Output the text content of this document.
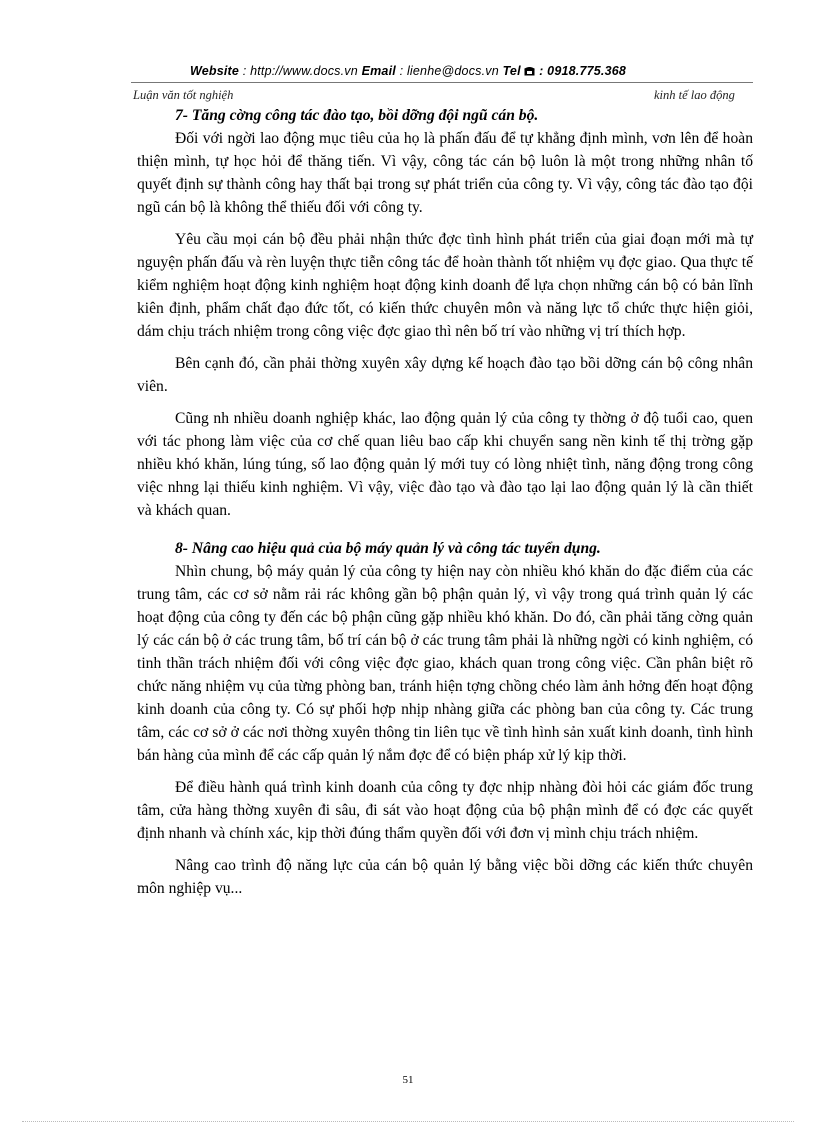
Website : http://www.docs.vn Email : lienhe@docs.vn Tel  : 0918.775.368
Luận văn tốt nghiệh	kinh tế lao động
7- Tăng cờng công tác đào tạo, bồi dỡng đội ngũ cán bộ.

Đối với ngời lao động mục tiêu của họ là phấn đấu để tự khẳng định mình, vơn lên để hoàn thiện mình, tự học hỏi để thăng tiến. Vì vậy, công tác cán bộ luôn là một trong những nhân tố quyết định sự thành công hay thất bại trong sự phát triển của công ty. Vì vậy, công tác đào tạo đội ngũ cán bộ là không thể thiếu đối với công ty.

Yêu cầu mọi cán bộ đều phải nhận thức đợc tình hình phát triển của giai đoạn mới mà tự nguyện phấn đấu và rèn luyện thực tiễn công tác để hoàn thành tốt nhiệm vụ đợc giao. Qua thực tế kiểm nghiệm hoạt động kinh nghiệm hoạt động kinh doanh để lựa chọn những cán bộ có bản lĩnh kiên định, phẩm chất đạo đức tốt, có kiến thức chuyên môn và năng lực tổ chức thực hiện giỏi, dám chịu trách nhiệm trong công việc đợc giao thì nên bố trí vào những vị trí thích hợp.

Bên cạnh đó, cần phải thờng xuyên xây dựng kế hoạch đào tạo bồi dỡng cán bộ công nhân viên.

Cũng nh nhiều doanh nghiệp khác, lao động quản lý của công ty thờng ở độ tuổi cao, quen với tác phong làm việc của cơ chế quan liêu bao cấp khi chuyển sang nền kinh tế thị trờng gặp nhiều khó khăn, lúng túng, số lao động quản lý mới tuy có lòng nhiệt tình, năng động trong công việc nhng lại thiếu kinh nghiệm. Vì vậy, việc đào tạo và đào tạo lại lao động quản lý là cần thiết và khách quan.

8- Nâng cao hiệu quả của bộ máy quản lý và công tác tuyển dụng.

Nhìn chung, bộ máy quản lý của công ty hiện nay còn nhiều khó khăn do đặc điểm của các trung tâm, các cơ sở nằm rải rác không gần bộ phận quản lý, vì vậy trong quá trình quản lý các hoạt động của công ty đến các bộ phận cũng gặp nhiều khó khăn. Do đó, cần phải tăng cờng quản lý các cán bộ ở các trung tâm, bố trí cán bộ ở các trung tâm phải là những ngời có kinh nghiệm, có tinh thần trách nhiệm đối với công việc đợc giao, khách quan trong công việc. Cần phân biệt rõ chức năng nhiệm vụ của từng phòng ban, tránh hiện tợng chồng chéo làm ảnh hởng đến hoạt động kinh doanh của công ty. Có sự phối hợp nhịp nhàng giữa các phòng ban của công ty. Các trung tâm, các cơ sở ở các nơi thờng xuyên thông tin liên tục về tình hình sản xuất kinh doanh, tình hình bán hàng của mình để các cấp quản lý nắm đợc để có biện pháp xử lý kịp thời.

Để điều hành quá trình kinh doanh của công ty đợc nhịp nhàng đòi hỏi các giám đốc trung tâm, cửa hàng thờng xuyên đi sâu, đi sát vào hoạt động của bộ phận mình để có đợc các quyết định nhanh và chính xác, kịp thời đúng thẩm quyền đối với đơn vị mình chịu trách nhiệm.

Nâng cao trình độ năng lực của cán bộ quản lý bằng việc bồi dỡng các kiến thức chuyên môn nghiệp vụ...

51
